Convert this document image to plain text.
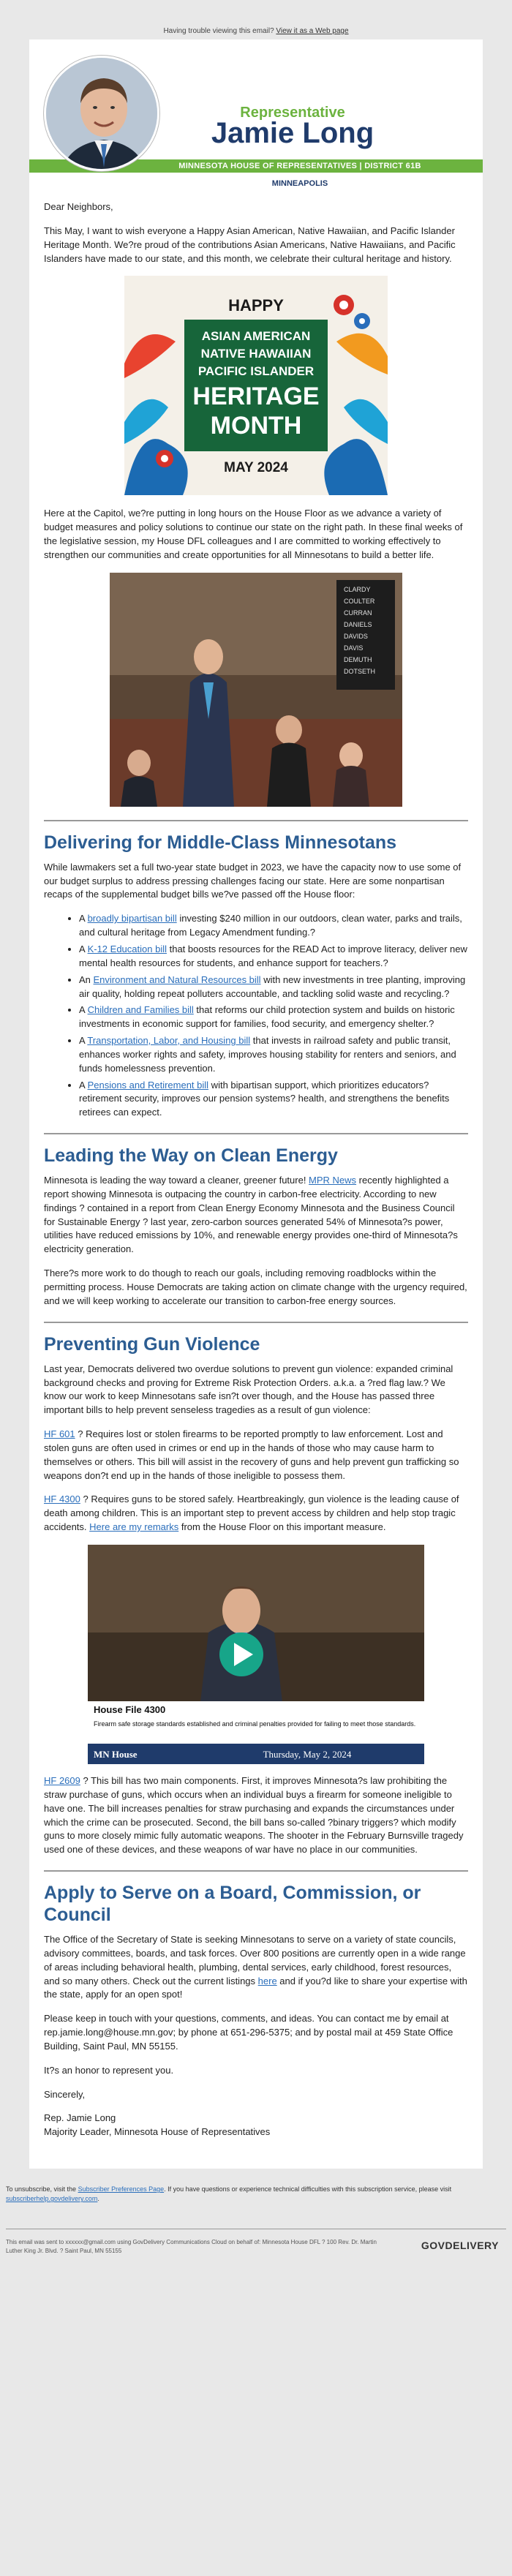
Having trouble viewing this email? View it as a Web page
Representative
Jamie Long
MINNESOTA HOUSE OF REPRESENTATIVES | DISTRICT 61B
MINNEAPOLIS

Dear Neighbors,

This May, I want to wish everyone a Happy Asian American, Native Hawaiian, and Pacific Islander Heritage Month. We?re proud of the contributions Asian Americans, Native Hawaiians, and Pacific Islanders have made to our state, and this month, we celebrate their cultural heritage and history.

HAPPY
ASIAN AMERICAN
NATIVE HAWAIIAN
PACIFIC ISLANDER
HERITAGE
MONTH
MAY 2024

Here at the Capitol, we?re putting in long hours on the House Floor as we advance a variety of budget measures and policy solutions to continue our state on the right path. In these final weeks of the legislative session, my House DFL colleagues and I are committed to working effectively to strengthen our communities and create opportunities for all Minnesotans to build a better life.

CLARDY
COULTER
CURRAN
DANIELS
DAVIDS
DAVIS
DEMUTH
DOTSETH
Delivering for Middle-Class Minnesotans

While lawmakers set a full two-year state budget in 2023, we have the capacity now to use some of our budget surplus to address pressing challenges facing our state. Here are some nonpartisan recaps of the supplemental budget bills we?ve passed off the House floor:

• A broadly bipartisan bill investing $240 million in our outdoors, clean water, parks and trails, and cultural heritage from Legacy Amendment funding.?
• A K-12 Education bill that boosts resources for the READ Act to improve literacy, deliver new mental health resources for students, and enhance support for teachers.?
• An Environment and Natural Resources bill with new investments in tree planting, improving air quality, holding repeat polluters accountable, and tackling solid waste and recycling.?
• A Children and Families bill that reforms our child protection system and builds on historic investments in economic support for families, food security, and emergency shelter.?
• A Transportation, Labor, and Housing bill that invests in railroad safety and public transit, enhances worker rights and safety, improves housing stability for renters and seniors, and funds homelessness prevention.
• A Pensions and Retirement bill with bipartisan support, which prioritizes educators? retirement security, improves our pension systems? health, and strengthens the benefits retirees can expect.
Leading the Way on Clean Energy

Minnesota is leading the way toward a cleaner, greener future! MPR News recently highlighted a report showing Minnesota is outpacing the country in carbon-free electricity. According to new findings ? contained in a report from Clean Energy Economy Minnesota and the Business Council for Sustainable Energy ? last year, zero-carbon sources generated 54% of Minnesota?s power, utilities have reduced emissions by 10%, and renewable energy provides one-third of Minnesota?s electricity generation.

There?s more work to do though to reach our goals, including removing roadblocks within the permitting process. House Democrats are taking action on climate change with the urgency required, and we will keep working to accelerate our transition to carbon-free energy sources.

Preventing Gun Violence

Last year, Democrats delivered two overdue solutions to prevent gun violence: expanded criminal background checks and proving for Extreme Risk Protection Orders. a.k.a. a ?red flag law.? We know our work to keep Minnesotans safe isn?t over though, and the House has passed three important bills to help prevent senseless tragedies as a result of gun violence:

HF 601 ? Requires lost or stolen firearms to be reported promptly to law enforcement. Lost and stolen guns are often used in crimes or end up in the hands of those who may cause harm to themselves or others. This bill will assist in the recovery of guns and help prevent gun trafficking so weapons don?t end up in the hands of those ineligible to possess them.

HF 4300 ? Requires guns to be stored safely. Heartbreakingly, gun violence is the leading cause of death among children. This is an important step to prevent access by children and help stop tragic accidents. Here are my remarks from the House Floor on this important measure.

House File 4300
Firearm safe storage standards established and criminal penalties provided for failing to meet those standards.
MN House	Thursday, May 2, 2024

HF 2609 ? This bill has two main components. First, it improves Minnesota?s law prohibiting the straw purchase of guns, which occurs when an individual buys a firearm for someone ineligible to have one. The bill increases penalties for straw purchasing and expands the circumstances under which the crime can be prosecuted. Second, the bill bans so-called ?binary triggers? which modify guns to more closely mimic fully automatic weapons. The shooter in the February Burnsville tragedy used one of these devices, and these weapons of war have no place in our communities.

Apply to Serve on a Board, Commission, or Council

The Office of the Secretary of State is seeking Minnesotans to serve on a variety of state councils, advisory committees, boards, and task forces. Over 800 positions are currently open in a wide range of areas including behavioral health, plumbing, dental services, early childhood, forest resources, and so many others. Check out the current listings here and if you?d like to share your expertise with the state, apply for an open spot!

Please keep in touch with your questions, comments, and ideas. You can contact me by email at rep.jamie.long@house.mn.gov; by phone at 651-296-5375; and by postal mail at 459 State Office Building, Saint Paul, MN 55155.

It?s an honor to represent you.

Sincerely,

Rep. Jamie Long
Majority Leader, Minnesota House of Representatives
To unsubscribe, visit the Subscriber Preferences Page. If you have questions or experience technical difficulties with this subscription service, please visit subscriberhelp.govdelivery.com.
This email was sent to xxxxxx@gmail.com using GovDelivery Communications Cloud on behalf of: Minnesota House DFL ? 100 Rev. Dr. Martin Luther King Jr. Blvd. ? Saint Paul, MN 55155	GOVDELIVERY
